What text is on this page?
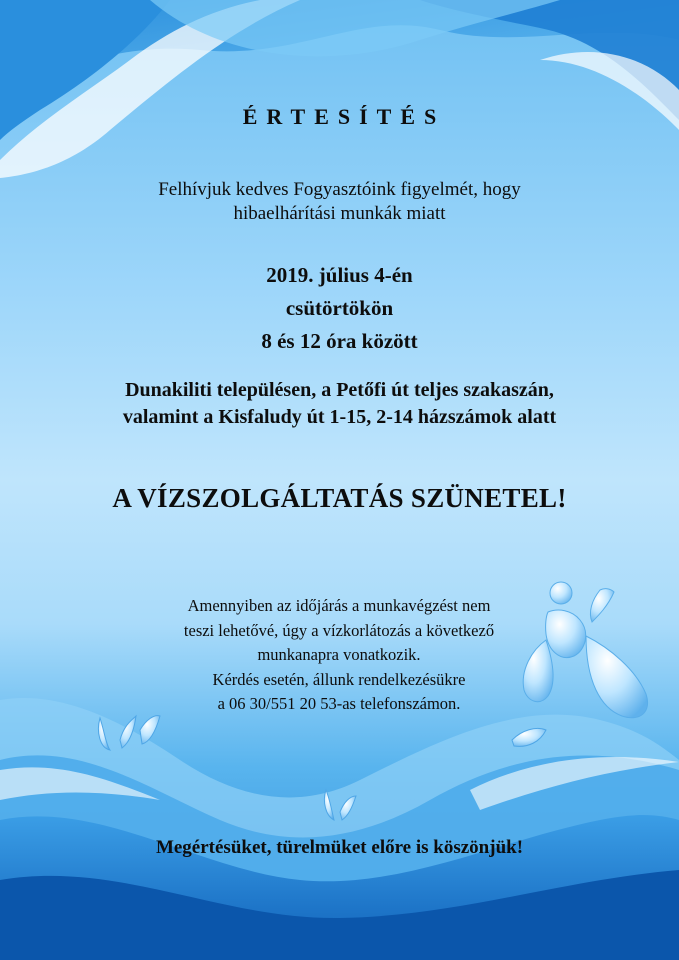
ÉRTESÍTÉS
Felhívjuk kedves Fogyasztóink figyelmét, hogy
hibaelhárítási munkák miatt
2019. július 4-én
csütörtökön
8 és 12 óra között
Dunakiliti településen, a Petőfi út teljes szakaszán,
valamint a Kisfaludy út 1-15, 2-14 házszámok alatt
A VÍZSZOLGÁLTATÁS SZÜNETEL!
Amennyiben az időjárás a munkavégzést nem
teszi lehetővé, úgy a vízkorlátozás a következő
munkanapra vonatkozik.
Kérdés esetén, állunk rendelkezésükre
a 06 30/551 20 53-as telefonszámon.
Megértésüket, türelmüket előre is köszönjük!
